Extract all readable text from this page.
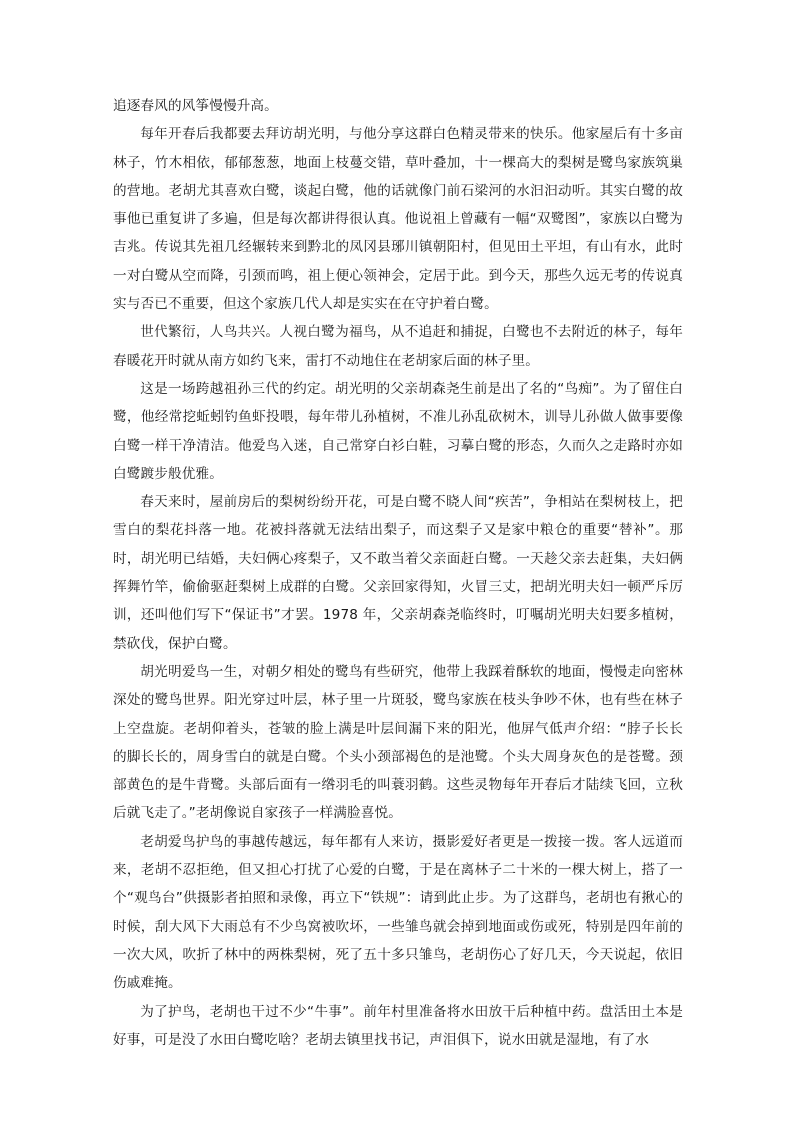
追逐春风的风筝慢慢升高。

每年开春后我都要去拜访胡光明，与他分享这群白色精灵带来的快乐。他家屋后有十多亩林子，竹木相依，郁郁葱葱，地面上枝蔓交错，草叶叠加，十一棵高大的梨树是鹭鸟家族筑巢的营地。老胡尤其喜欢白鹭，谈起白鹭，他的话就像门前石梁河的水汩汩动听。其实白鹭的故事他已重复讲了多遍，但是每次都讲得很认真。他说祖上曾藏有一幅“双鹭图”，家族以白鹭为吉兆。传说其先祖几经辗转来到黔北的凤冈县琊川镇朝阳村，但见田土平坦，有山有水，此时一对白鹭从空而降，引颈而鸣，祖上便心领神会，定居于此。到今天，那些久远无考的传说真实与否已不重要，但这个家族几代人却是实实在在守护着白鹭。

世代繁衍，人鸟共兴。人视白鹭为福鸟，从不追赶和捕捉，白鹭也不去附近的林子，每年春暖花开时就从南方如约飞来，雷打不动地住在老胡家后面的林子里。

这是一场跨越祖孙三代的约定。胡光明的父亲胡森尧生前是出了名的“鸟痴”。为了留住白鹭，他经常挖蚯蚓钓鱼虾投喂，每年带儿孙植树，不准儿孙乱砍树木，训导儿孙做人做事要像白鹭一样干净清洁。他爱鸟入迷，自己常穿白衫白鞋，习摹白鹭的形态，久而久之走路时亦如白鹭踱步般优雅。

春天来时，屋前房后的梨树纷纷开花，可是白鹭不晓人间“疾苦”，争相站在梨树枝上，把雪白的梨花抖落一地。花被抖落就无法结出梨子，而这梨子又是家中粮仓的重要“替补”。那时，胡光明已结婚，夫妇俩心疼梨子，又不敢当着父亲面赶白鹭。一天趁父亲去赶集，夫妇俩挥舞竹竿，偷偷驱赶梨树上成群的白鹭。父亲回家得知，火冒三丈，把胡光明夫妇一顿严斥厉训，还叫他们写下“保证书”才罢。1978 年，父亲胡森尧临终时，叮嘱胡光明夫妇要多植树，禁砍伐，保护白鹭。

胡光明爱鸟一生，对朝夕相处的鹭鸟有些研究，他带上我踩着酥软的地面，慢慢走向密林深处的鹭鸟世界。阳光穿过叶层，林子里一片斑驳，鹭鸟家族在枝头争吵不休，也有些在林子上空盘旋。老胡仰着头，苍皱的脸上满是叶层间漏下来的阳光，他屏气低声介绍：“脖子长长的脚长长的，周身雪白的就是白鹭。个头小颈部褐色的是池鹭。个头大周身灰色的是苍鹭。颈部黄色的是牛背鹭。头部后面有一绺羽毛的叫蓑羽鹤。这些灵物每年开春后才陆续飞回，立秋后就飞走了。”老胡像说自家孩子一样满脸喜悦。

老胡爱鸟护鸟的事越传越远，每年都有人来访，摄影爱好者更是一拨接一拨。客人远道而来，老胡不忍拒绝，但又担心打扰了心爱的白鹭，于是在离林子二十米的一棵大树上，搭了一个“观鸟台”供摄影者拍照和录像，再立下“铁规”：请到此止步。为了这群鸟，老胡也有揪心的时候，刮大风下大雨总有不少鸟窝被吹坏，一些雏鸟就会掉到地面或伤或死，特别是四年前的一次大风，吹折了林中的两株梨树，死了五十多只雏鸟，老胡伤心了好几天，今天说起，依旧伤戚难掩。

为了护鸟，老胡也干过不少“牛事”。前年村里准备将水田放干后种植中药。盘活田土本是好事，可是没了水田白鹭吃啥？老胡去镇里找书记，声泪俱下，说水田就是湿地，有了水
